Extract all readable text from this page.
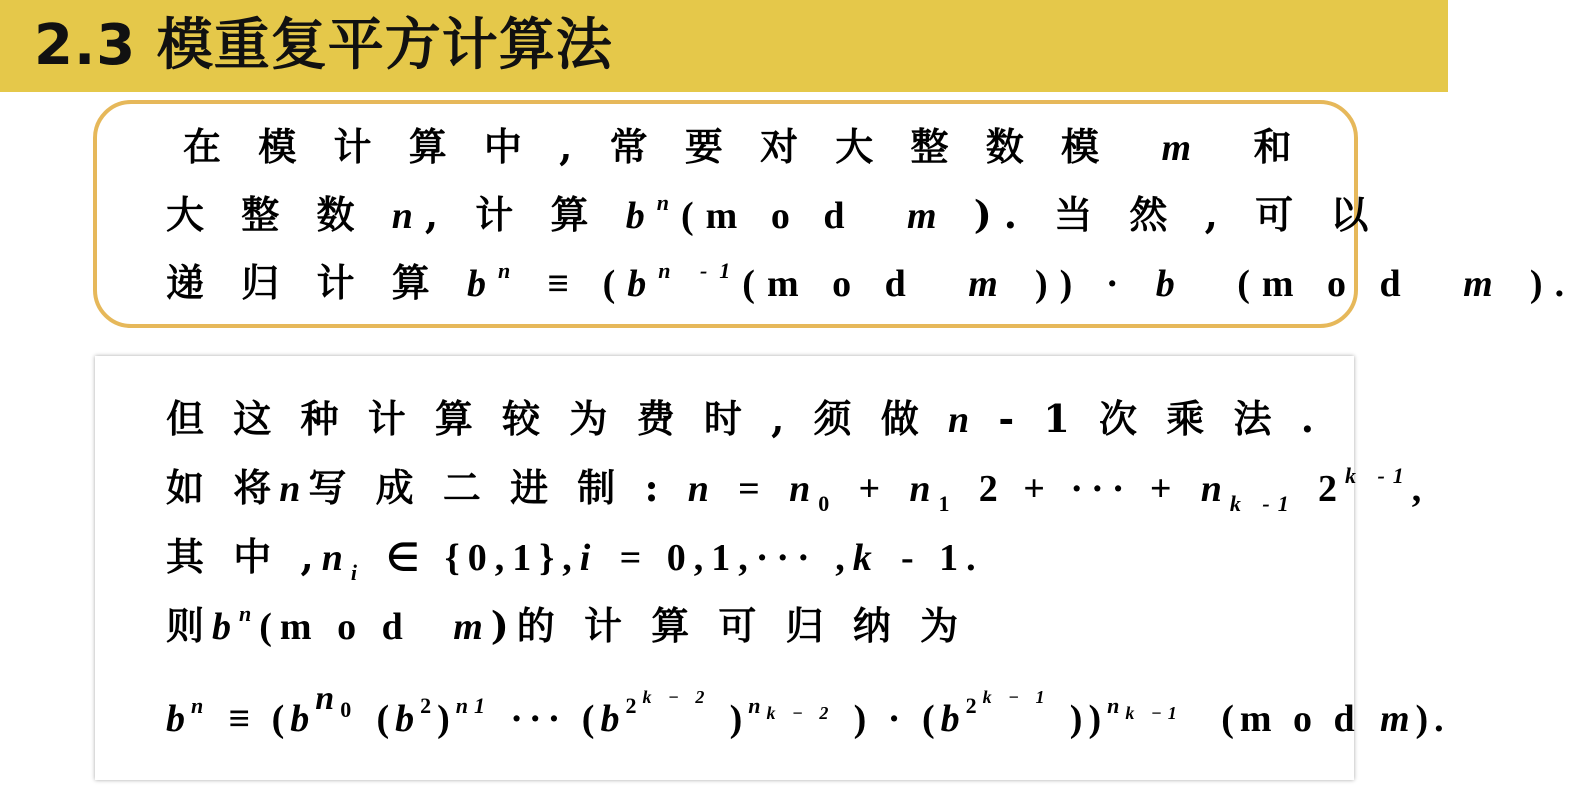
2.3 模重复平方计算法
在 模 计 算 中 , 常 要 对 大 整 数 模 m 和
大 整 数 n, 计 算 $b^n(m$ o d m ). 当 然 , 可 以
递 归 计 算 $b^n \equiv (b^{n -1}(m$ o d m )) · b (m o d m ).
但 这 种 计 算 较 为 费 时 , 须 做 n - 1 次 乘 法 .
如 将n写 成 二 进 制 : $n = n_0 + n_1$ 2 + ··· + $n_{k -1}$ 2$^{k -1}$,
其 中 $,n_i$ ∈ {0,1},i = 0,1,··· ,k - 1.
则$b^n(m$ o d m)的 计 算 可 归 纳 为
$b^n \equiv (bn^0$ $(b^2)^{n1}$ ··· ($b^{2k - 2}$ )$^{nk - 2}$ ) · ($b^{2k - 1}$ ))$^{nk -1}$ (m o d m).
